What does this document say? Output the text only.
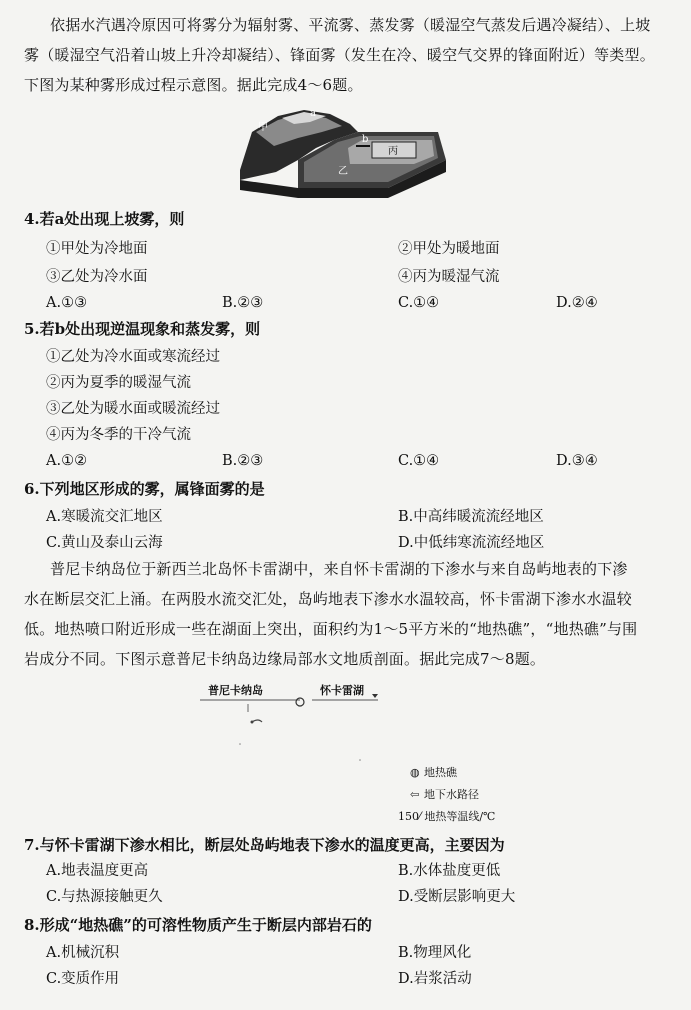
依据水汽遇冷原因可将雾分为辐射雾、平流雾、蒸发雾（暖湿空气蒸发后遇冷凝结）、上坡
雾（暖湿空气沿着山坡上升冷却凝结）、锋面雾（发生在冷、暖空气交界的锋面附近）等类型。
下图为某种雾形成过程示意图。据此完成4～6题。
a
甲
b
丙
乙
4.若a处出现上坡雾，则
①甲处为冷地面	②甲处为暖地面
③乙处为冷水面	④丙为暖湿气流
A.①③	B.②③	C.①④	D.②④
5.若b处出现逆温现象和蒸发雾，则
①乙处为冷水面或寒流经过
②丙为夏季的暖湿气流
③乙处为暖水面或暖流经过
④丙为冬季的干冷气流
A.①②	B.②③	C.①④	D.③④
6.下列地区形成的雾，属锋面雾的是
A.寒暖流交汇地区	B.中高纬暖流流经地区
C.黄山及泰山云海	D.中低纬寒流流经地区
普尼卡纳岛位于新西兰北岛怀卡雷湖中，来自怀卡雷湖的下渗水与来自岛屿地表的下渗
水在断层交汇上涌。在两股水流交汇处，岛屿地表下渗水水温较高，怀卡雷湖下渗水水温较
低。地热喷口附近形成一些在湖面上突出，面积约为1～5平方米的“地热礁”，“地热礁”与围
岩成分不同。下图示意普尼卡纳岛边缘局部水文地质剖面。据此完成7～8题。
普尼卡纳岛	怀卡雷湖
◍ 地热礁
⇦ 地下水路径
150⁄ 地热等温线/℃
7.与怀卡雷湖下渗水相比，断层处岛屿地表下渗水的温度更高，主要因为
A.地表温度更高	B.水体盐度更低
C.与热源接触更久	D.受断层影响更大
8.形成“地热礁”的可溶性物质产生于断层内部岩石的
A.机械沉积	B.物理风化
C.变质作用	D.岩浆活动
